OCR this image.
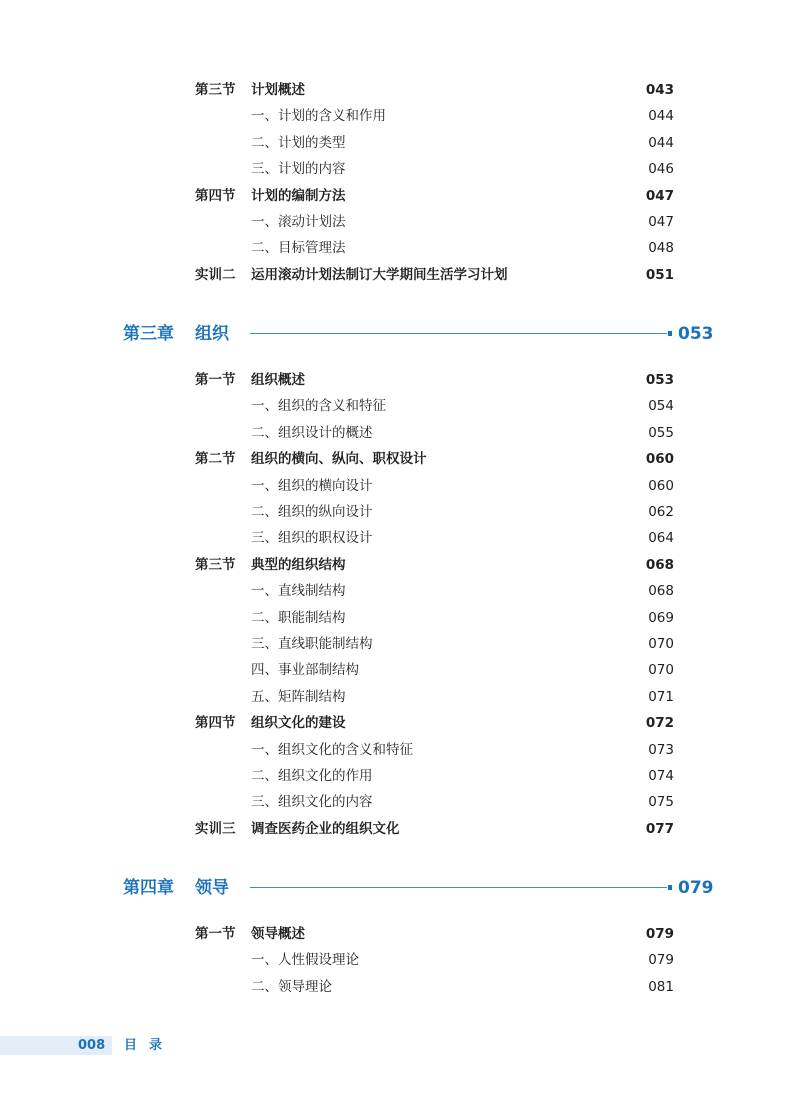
第三节 计划概述	043
一、计划的含义和作用	044
二、计划的类型	044
三、计划的内容	046
第四节 计划的编制方法	047
一、滚动计划法	047
二、目标管理法	048
实训二 运用滚动计划法制订大学期间生活学习计划	051
第三章 组织	053
第一节 组织概述	053
一、组织的含义和特征	054
二、组织设计的概述	055
第二节 组织的横向、纵向、职权设计	060
一、组织的横向设计	060
二、组织的纵向设计	062
三、组织的职权设计	064
第三节 典型的组织结构	068
一、直线制结构	068
二、职能制结构	069
三、直线职能制结构	070
四、事业部制结构	070
五、矩阵制结构	071
第四节 组织文化的建设	072
一、组织文化的含义和特征	073
二、组织文化的作用	074
三、组织文化的内容	075
实训三 调查医药企业的组织文化	077
第四章 领导	079
第一节 领导概述	079
一、人性假设理论	079
二、领导理论	081
008 目录
